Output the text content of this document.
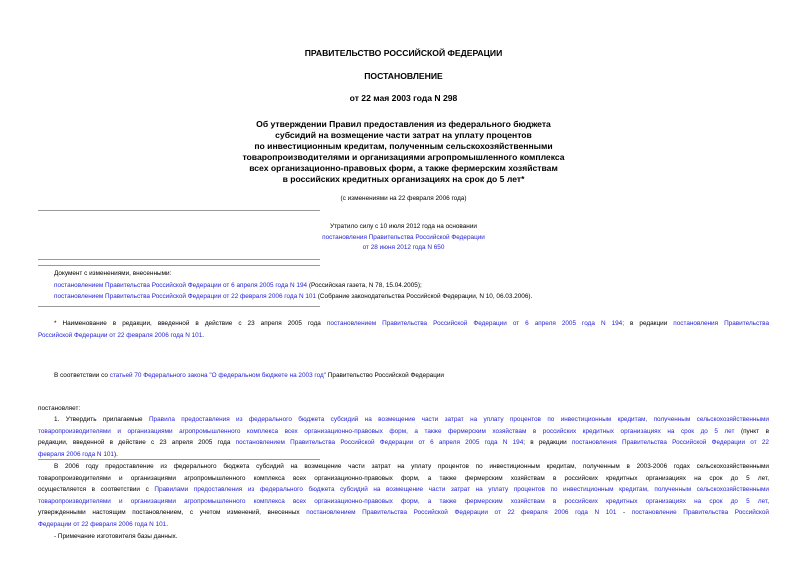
ПРАВИТЕЛЬСТВО РОССИЙСКОЙ ФЕДЕРАЦИИ
ПОСТАНОВЛЕНИЕ
от 22 мая 2003 года N 298
Об утверждении Правил предоставления из федерального бюджета
субсидий на возмещение части затрат на уплату процентов
по инвестиционным кредитам, полученным сельскохозяйственными
товаропроизводителями и организациями агропромышленного комплекса
всех организационно-правовых форм, а также фермерским хозяйствам
в российских кредитных организациях на срок до 5 лет*
(с изменениями на 22 февраля 2006 года)
Утратило силу с 10 июля 2012 года на основании
постановления Правительства Российской Федерации
от 28 июня 2012 года N 650
Документ с изменениями, внесенными:
постановлением Правительства Российской Федерации от 6 апреля 2005 года N 194 (Российская газета, N 78, 15.04.2005);
постановлением Правительства Российской Федерации от 22 февраля 2006 года N 101 (Собрание законодательства Российской Федерации, N 10, 06.03.2006).
* Наименование в редакции, введенной в действие с 23 апреля 2005 года постановлением Правительства Российской Федерации от 6 апреля 2005 года N 194; в редакции постановления Правительства
Российской Федерации от 22 февраля 2006 года N 101.
В соответствии со статьей 70 Федерального закона "О федеральном бюджете на 2003 год" Правительство Российской Федерации
постановляет:
1. Утвердить прилагаемые Правила предоставления из федерального бюджета субсидий на возмещение части затрат на уплату процентов по инвестиционным кредитам, полученным сельскохозяйственными
товаропроизводителями и организациями агропромышленного комплекса всех организационно-правовых форм, а также фермерским хозяйствам в российских кредитных организациях на срок до 5 лет (пункт в
редакции, введенной в действие с 23 апреля 2005 года постановлением Правительства Российской Федерации от 6 апреля 2005 года N 194; в редакции постановления Правительства Российской Федерации от 22
февраля 2006 года N 101).
В 2006 году предоставление из федерального бюджета субсидий на возмещение части затрат на уплату процентов по инвестиционным кредитам, полученным в 2003-2006 годах сельскохозяйственными
товаропроизводителями и организациями агропромышленного комплекса всех организационно-правовых форм, а также фермерским хозяйствам в российских кредитных организациях на срок до 5 лет,
осуществляется в соответствии с Правилами предоставления из федерального бюджета субсидий на возмещение части затрат на уплату процентов по инвестиционным кредитам, полученным сельскохозяйственными
товаропроизводителями и организациями агропромышленного комплекса всех организационно-правовых форм, а также фермерским хозяйствам в российских кредитных организациях на срок до 5 лет,
утвержденными настоящим постановлением, с учетом изменений, внесенных постановлением Правительства Российской Федерации от 22 февраля 2006 года N 101 - постановление Правительства Российской
Федерации от 22 февраля 2006 года N 101.
- Примечание изготовителя базы данных.
